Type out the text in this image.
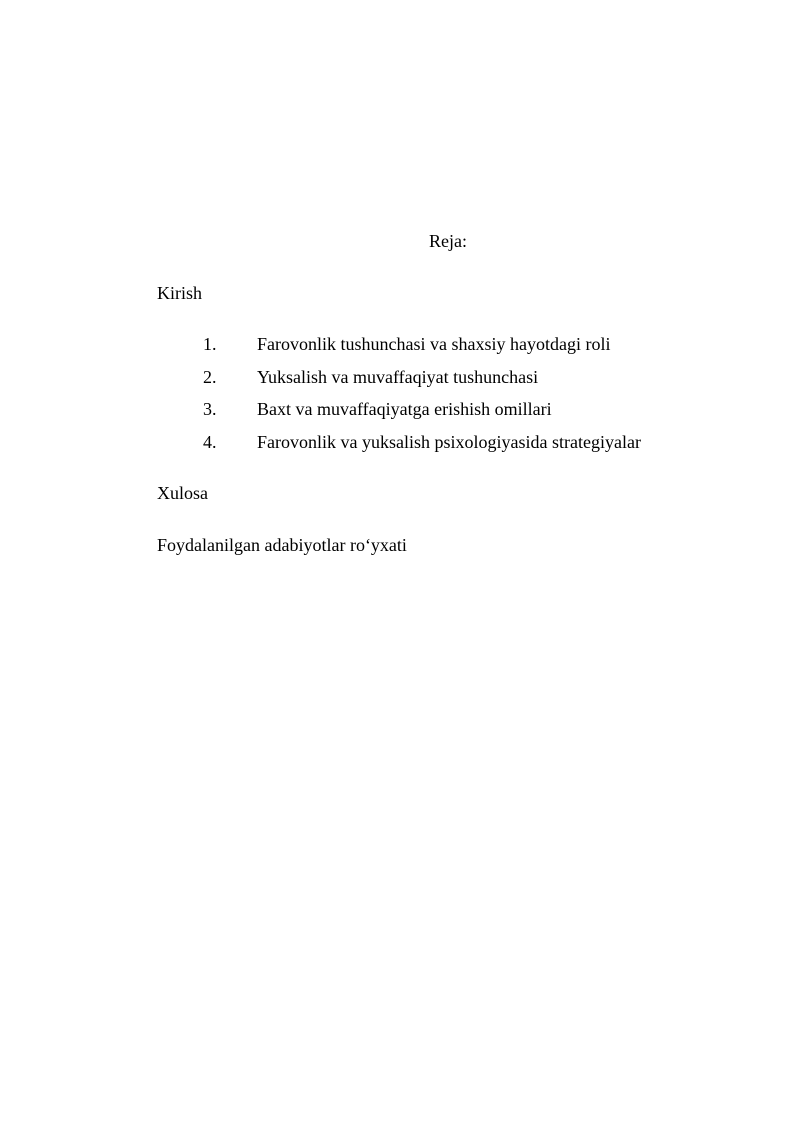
Reja:
Kirish
1. Farovonlik tushunchasi va shaxsiy hayotdagi roli
2. Yuksalish va muvaffaqiyat tushunchasi
3. Baxt va muvaffaqiyatga erishish omillari
4. Farovonlik va yuksalish psixologiyasida strategiyalar
Xulosa
Foydalanilgan adabiyotlar ro‘yxati
